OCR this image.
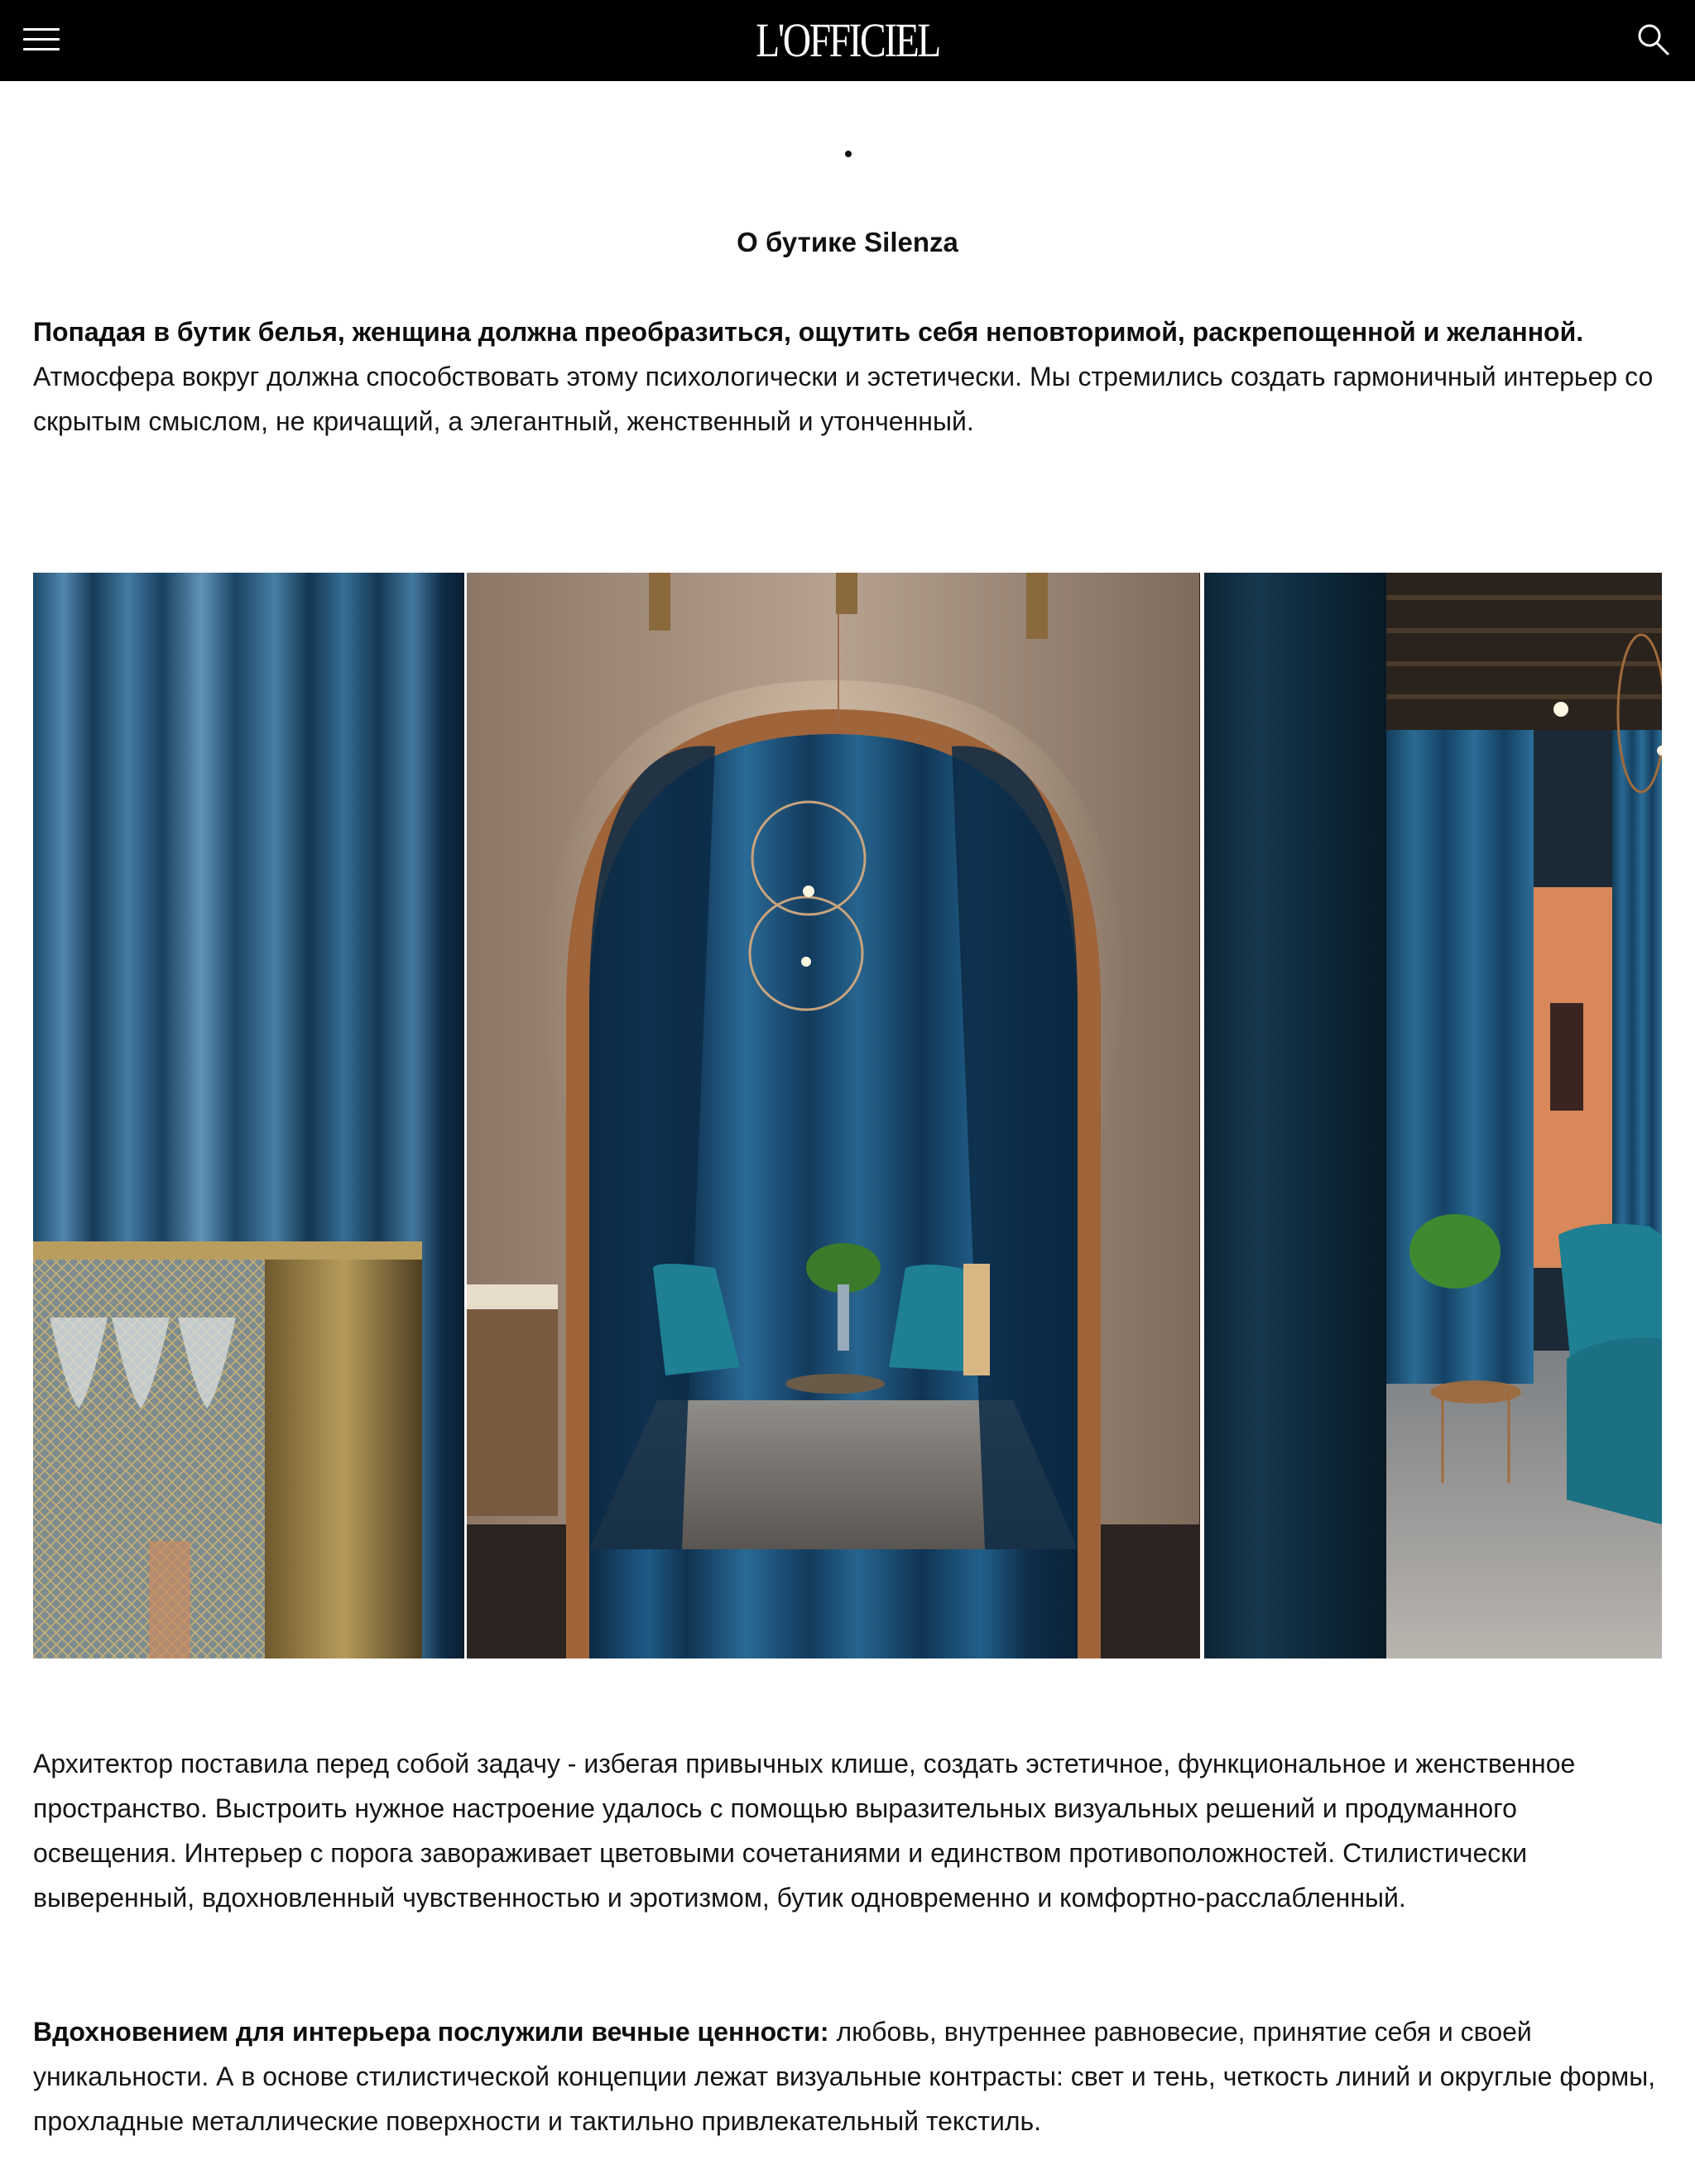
L'OFFICIEL
О бутике Silenza
Попадая в бутик белья, женщина должна преобразиться, ощутить себя неповторимой, раскрепощенной и желанной. Атмосфера вокруг должна способствовать этому психологически и эстетически. Мы стремились создать гармоничный интерьер со скрытым смыслом, не кричащий, а элегантный, женственный и утонченный.
Архитектор поставила перед собой задачу - избегая привычных клише, создать эстетичное, функциональное и женственное пространство. Выстроить нужное настроение удалось с помощью выразительных визуальных решений и продуманного освещения. Интерьер с порога завораживает цветовыми сочетаниями и единством противоположностей. Стилистически выверенный, вдохновленный чувственностью и эротизмом, бутик одновременно и комфортно-расслабленный.
Вдохновением для интерьера послужили вечные ценности: любовь, внутреннее равновесие, принятие себя и своей уникальности. А в основе стилистической концепции лежат визуальные контрасты: свет и тень, четкость линий и округлые формы, прохладные металлические поверхности и тактильно привлекательный текстиль.
